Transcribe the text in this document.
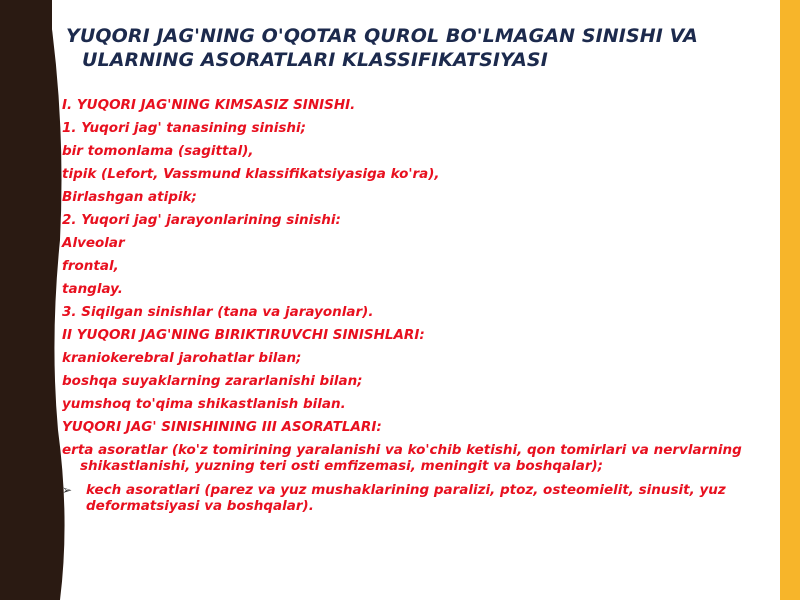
YUQORI JAG'NING O'QOTAR QUROL BO'LMAGAN SINISHI VA
ULARNING ASORATLARI KLASSIFIKATSIYASI
I. YUQORI JAG'NING KIMSASIZ SINISHI.
1. Yuqori jag' tanasining sinishi;
bir tomonlama (sagittal),
tipik (Lefort, Vassmund klassifikatsiyasiga ko'ra),
Birlashgan atipik;
2. Yuqori jag' jarayonlarining sinishi:
Alveolar
frontal,
tanglay.
3. Siqilgan sinishlar (tana va jarayonlar).
II YUQORI JAG'NING BIRIKTIRUVCHI SINISHLARI:
kraniokerebral jarohatlar bilan;
boshqa suyaklarning zararlanishi bilan;
yumshoq to'qima shikastlanish bilan.
YUQORI JAG' SINISHINING III ASORATLARI:
erta asoratlar (ko'z tomirining yaralanishi va ko'chib ketishi, qon tomirlari va nervlarning
shikastlanishi, yuzning teri osti emfizemasi, meningit va boshqalar);
➢ kech asoratlari (parez va yuz mushaklarining paralizi, ptoz, osteomielit, sinusit, yuz
deformatsiyasi va boshqalar).
